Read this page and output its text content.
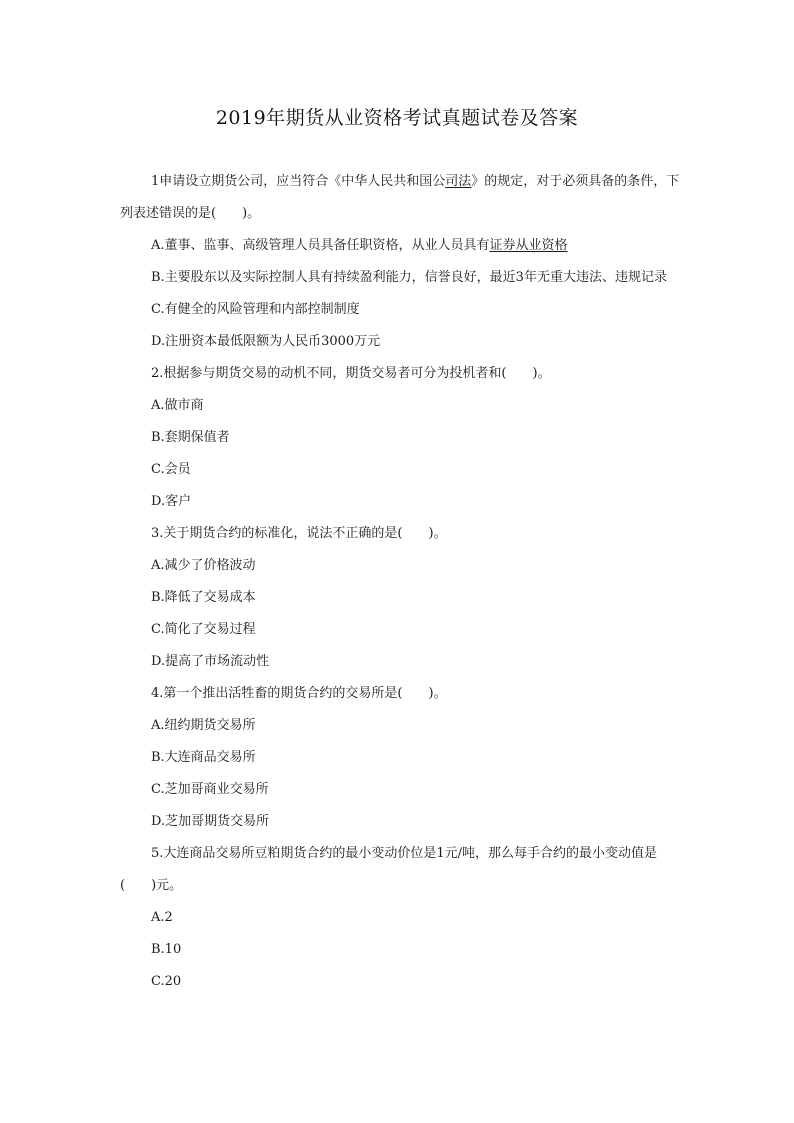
2019年期货从业资格考试真题试卷及答案

1申请设立期货公司，应当符合《中华人民共和国公司法》的规定，对于必须具备的条件，下列表述错误的是(　　)。

A.董事、监事、高级管理人员具备任职资格，从业人员具有证券从业资格

B.主要股东以及实际控制人具有持续盈利能力，信誉良好，最近3年无重大违法、违规记录

C.有健全的风险管理和内部控制制度

D.注册资本最低限额为人民币3000万元

2.根据参与期货交易的动机不同，期货交易者可分为投机者和(　　)。

A.做市商

B.套期保值者

C.会员

D.客户

3.关于期货合约的标准化，说法不正确的是(　　)。

A.减少了价格波动

B.降低了交易成本

C.简化了交易过程

D.提高了市场流动性

4.第一个推出活牲畜的期货合约的交易所是(　　)。

A.纽约期货交易所

B.大连商品交易所

C.芝加哥商业交易所

D.芝加哥期货交易所

5.大连商品交易所豆粕期货合约的最小变动价位是1元/吨，那么每手合约的最小变动值是(　　)元。

A.2

B.10

C.20
